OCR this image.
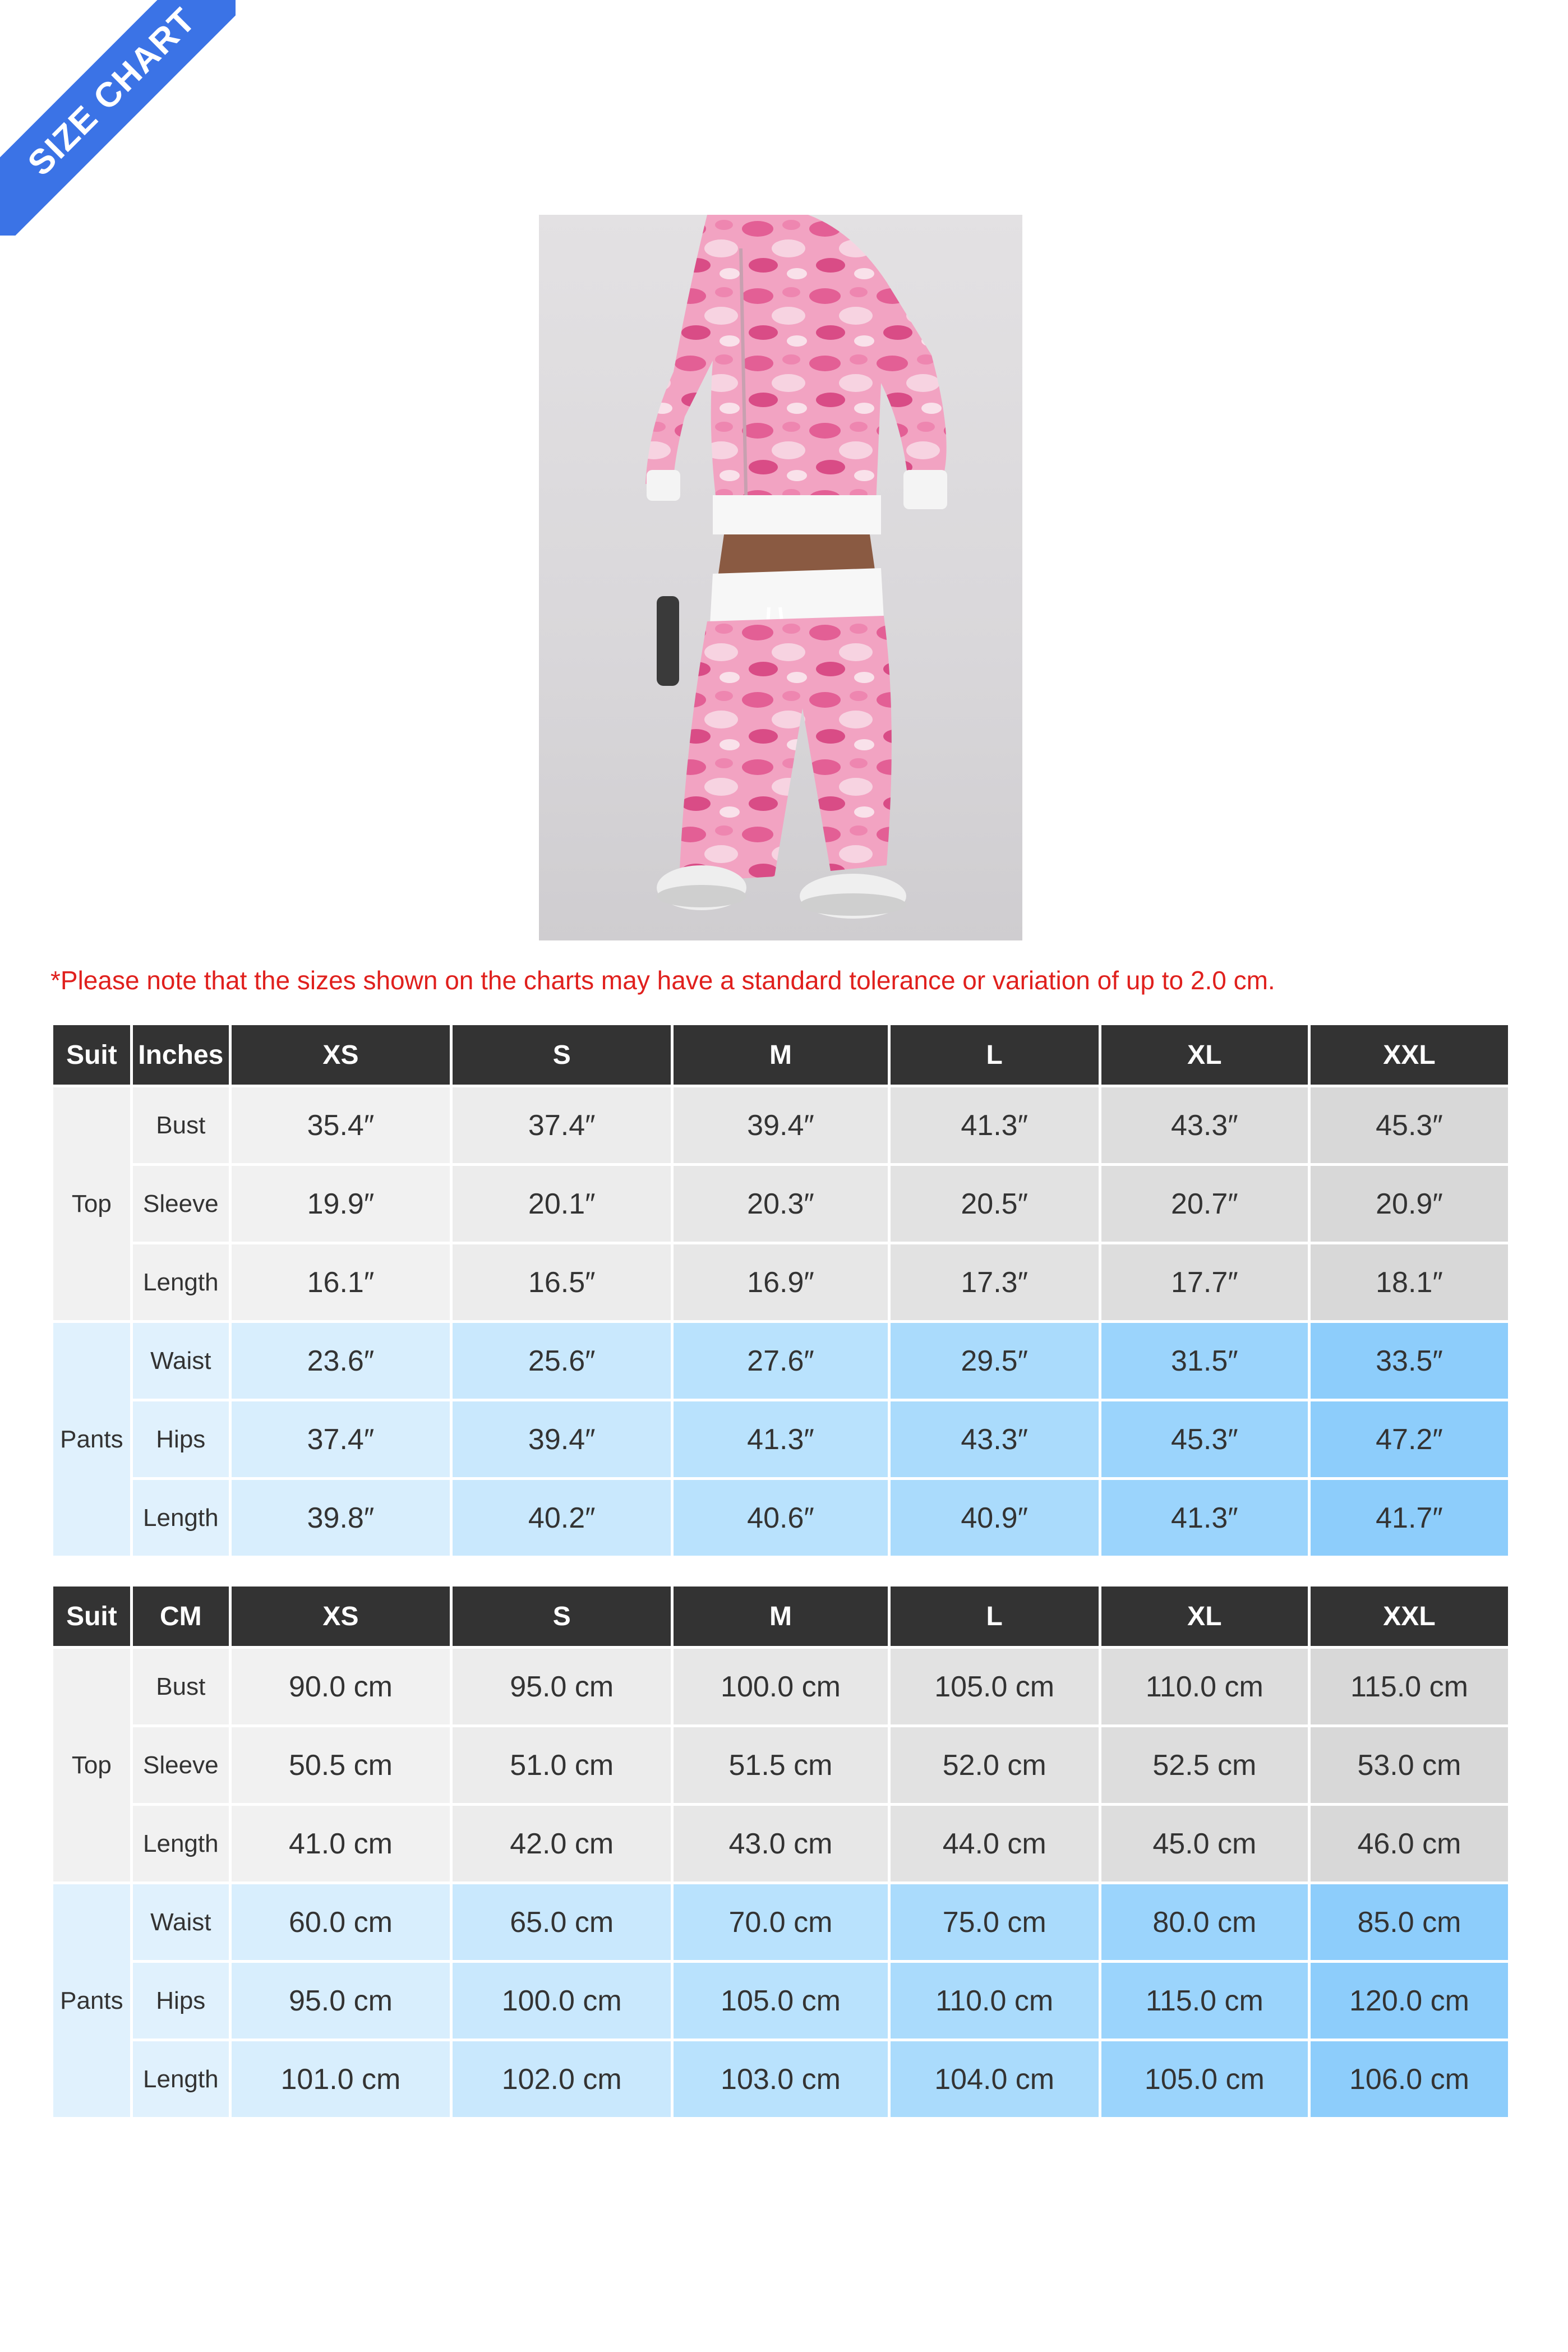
SIZE CHART
*Please note that the sizes shown on the charts may have a standard tolerance or variation of up to 2.0 cm.
Suit	Inches	XS	S	M	L	XL	XXL
Top	Bust	35.4″	37.4″	39.4″	41.3″	43.3″	45.3″
	Sleeve	19.9″	20.1″	20.3″	20.5″	20.7″	20.9″
	Length	16.1″	16.5″	16.9″	17.3″	17.7″	18.1″
Pants	Waist	23.6″	25.6″	27.6″	29.5″	31.5″	33.5″
	Hips	37.4″	39.4″	41.3″	43.3″	45.3″	47.2″
	Length	39.8″	40.2″	40.6″	40.9″	41.3″	41.7″
Suit	CM	XS	S	M	L	XL	XXL
Top	Bust	90.0 cm	95.0 cm	100.0 cm	105.0 cm	110.0 cm	115.0 cm
	Sleeve	50.5 cm	51.0 cm	51.5 cm	52.0 cm	52.5 cm	53.0 cm
	Length	41.0 cm	42.0 cm	43.0 cm	44.0 cm	45.0 cm	46.0 cm
Pants	Waist	60.0 cm	65.0 cm	70.0 cm	75.0 cm	80.0 cm	85.0 cm
	Hips	95.0 cm	100.0 cm	105.0 cm	110.0 cm	115.0 cm	120.0 cm
	Length	101.0 cm	102.0 cm	103.0 cm	104.0 cm	105.0 cm	106.0 cm
